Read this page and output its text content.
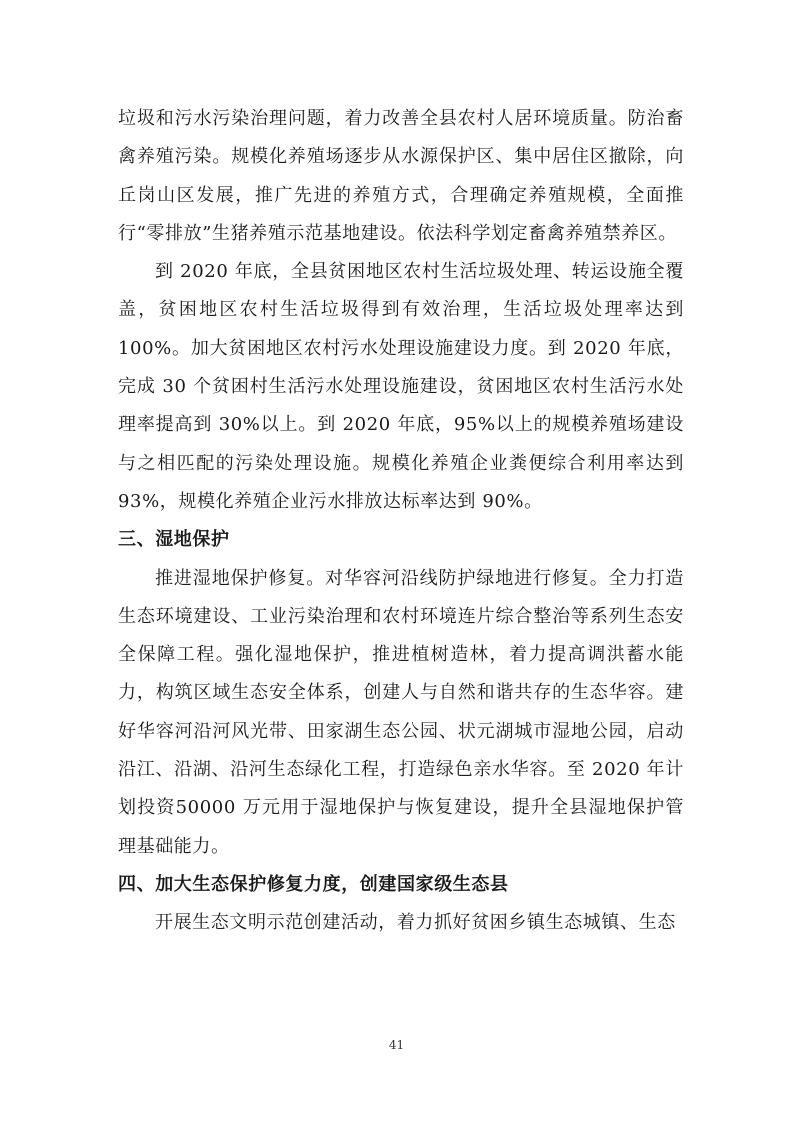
垃圾和污水污染治理问题，着力改善全县农村人居环境质量。防治畜禽养殖污染。规模化养殖场逐步从水源保护区、集中居住区撤除，向丘岗山区发展，推广先进的养殖方式，合理确定养殖规模，全面推行“零排放”生猪养殖示范基地建设。依法科学划定畜禽养殖禁养区。

到 2020 年底，全县贫困地区农村生活垃圾处理、转运设施全覆盖，贫困地区农村生活垃圾得到有效治理，生活垃圾处理率达到100%。加大贫困地区农村污水处理设施建设力度。到 2020 年底，完成 30 个贫困村生活污水处理设施建设，贫困地区农村生活污水处理率提高到 30%以上。到 2020 年底，95%以上的规模养殖场建设与之相匹配的污染处理设施。规模化养殖企业粪便综合利用率达到 93%，规模化养殖企业污水排放达标率达到 90%。

三、湿地保护

推进湿地保护修复。对华容河沿线防护绿地进行修复。全力打造生态环境建设、工业污染治理和农村环境连片综合整治等系列生态安全保障工程。强化湿地保护，推进植树造林，着力提高调洪蓄水能力，构筑区域生态安全体系，创建人与自然和谐共存的生态华容。建好华容河沿河风光带、田家湖生态公园、状元湖城市湿地公园，启动沿江、沿湖、沿河生态绿化工程，打造绿色亲水华容。至 2020 年计划投资50000 万元用于湿地保护与恢复建设，提升全县湿地保护管理基础能力。

四、加大生态保护修复力度，创建国家级生态县

开展生态文明示范创建活动，着力抓好贫困乡镇生态城镇、生态

41
